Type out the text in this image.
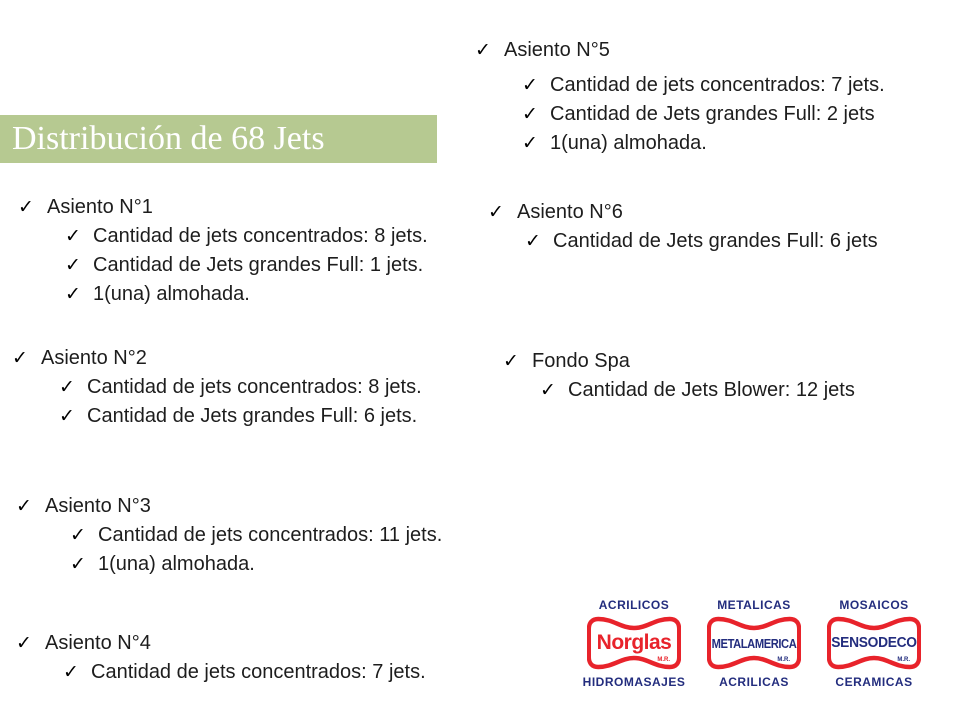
Distribución de 68 Jets
✓ Asiento N°1
✓ Cantidad de jets concentrados: 8 jets.
✓ Cantidad de Jets grandes Full: 1 jets.
✓ 1(una) almohada.
✓ Asiento N°2
✓ Cantidad de jets concentrados: 8 jets.
✓ Cantidad de Jets grandes Full: 6 jets.
✓ Asiento N°3
✓ Cantidad de jets concentrados: 11 jets.
✓ 1(una) almohada.
✓ Asiento N°4
✓ Cantidad de jets concentrados: 7 jets.
✓ Asiento N°5
✓ Cantidad de jets concentrados: 7 jets.
✓ Cantidad de Jets grandes Full: 2 jets
✓ 1(una) almohada.
✓ Asiento N°6
✓ Cantidad de Jets grandes Full: 6 jets
✓ Fondo Spa
✓ Cantidad de Jets Blower: 12 jets
ACRILICOS
Norglas
M.R.
HIDROMASAJES
METALICAS
METALAMERICA
M.R.
ACRILICAS
MOSAICOS
SENSODECO
M.R.
CERAMICAS
